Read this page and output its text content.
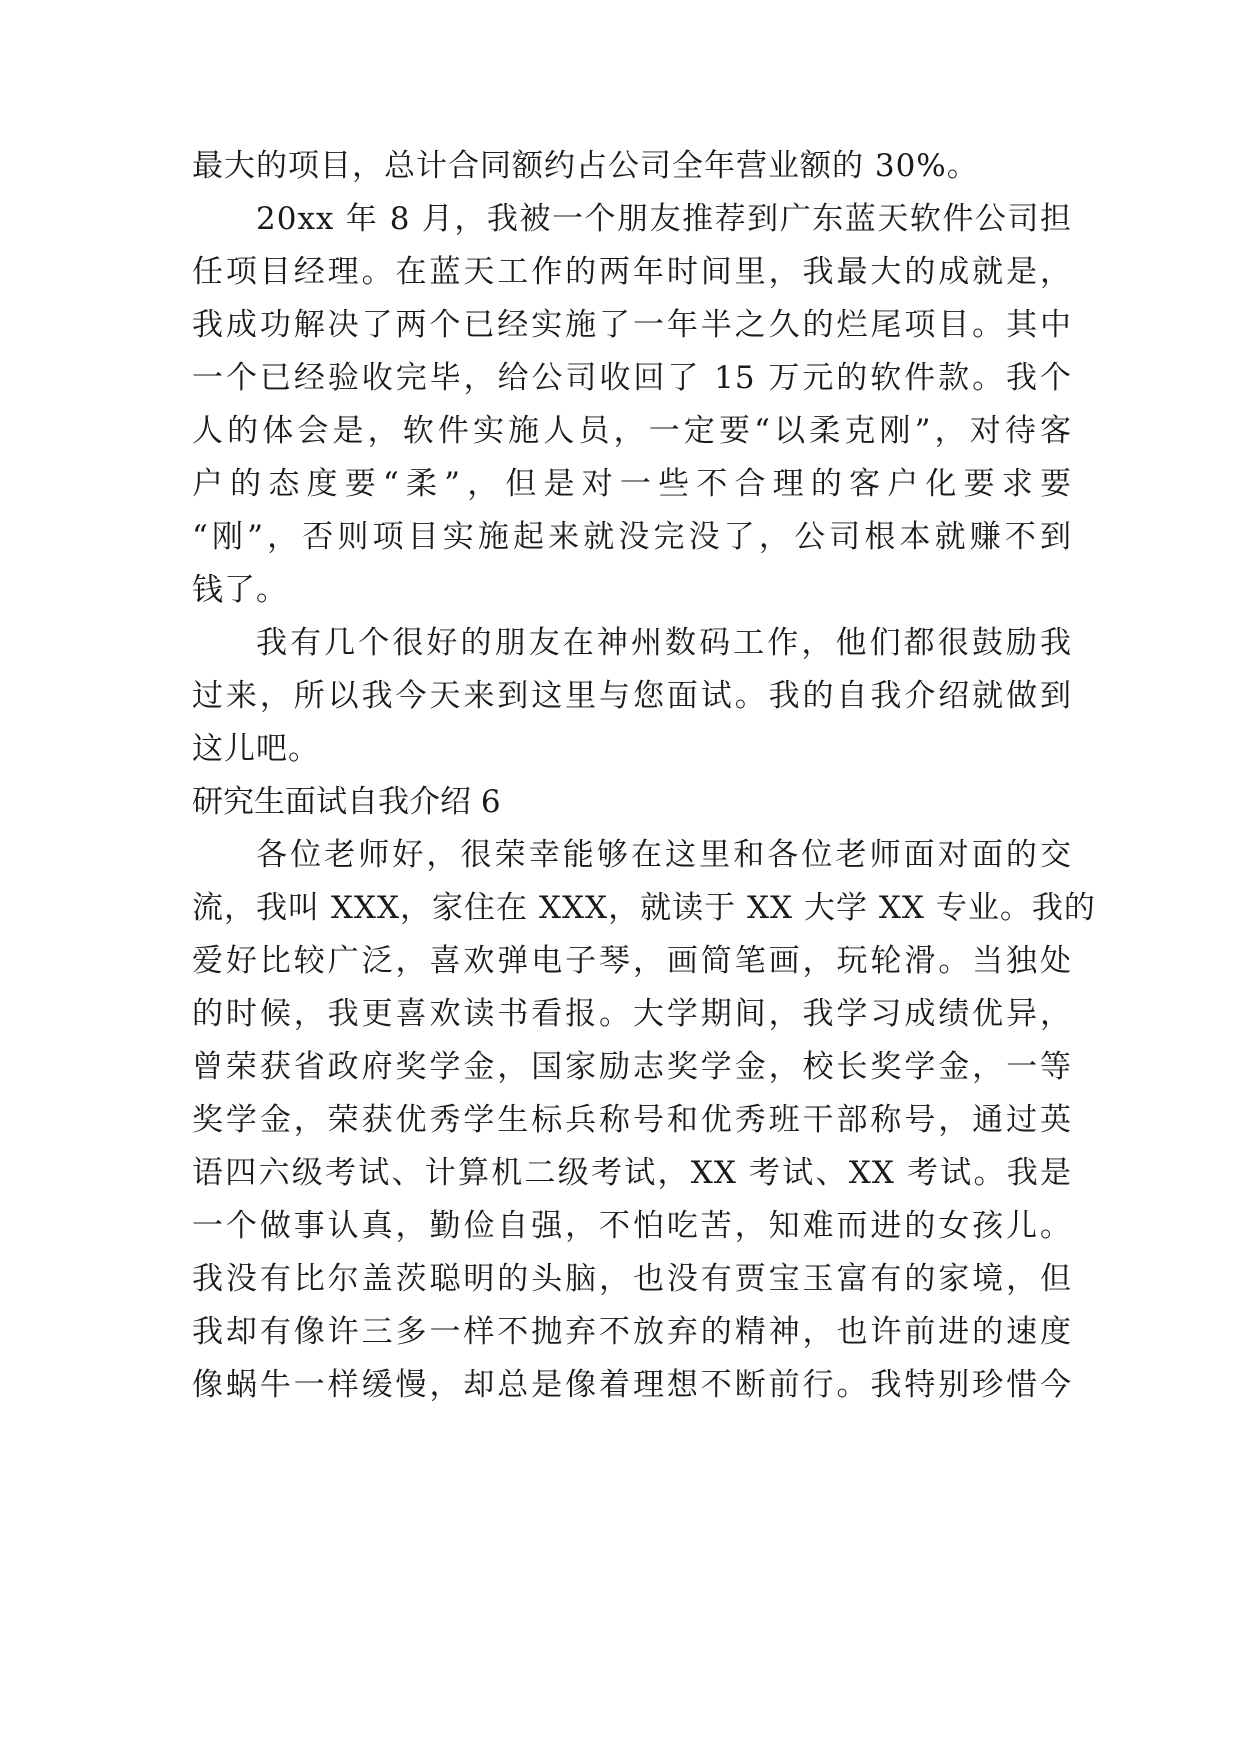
最大的项目，总计合同额约占公司全年营业额的 30%。
20xx 年 8 月，我被一个朋友推荐到广东蓝天软件公司担
任项目经理。在蓝天工作的两年时间里，我最大的成就是，
我成功解决了两个已经实施了一年半之久的烂尾项目。其中
一个已经验收完毕，给公司收回了 15 万元的软件款。我个
人的体会是，软件实施人员，一定要“以柔克刚”，对待客
户的态度要“柔”，但是对一些不合理的客户化要求要
“刚”，否则项目实施起来就没完没了，公司根本就赚不到
钱了。
我有几个很好的朋友在神州数码工作，他们都很鼓励我
过来，所以我今天来到这里与您面试。我的自我介绍就做到
这儿吧。
研究生面试自我介绍 6
各位老师好，很荣幸能够在这里和各位老师面对面的交
流，我叫 XXX，家住在 XXX，就读于 XX 大学 XX 专业。我的
爱好比较广泛，喜欢弹电子琴，画简笔画，玩轮滑。当独处
的时候，我更喜欢读书看报。大学期间，我学习成绩优异，
曾荣获省政府奖学金，国家励志奖学金，校长奖学金，一等
奖学金，荣获优秀学生标兵称号和优秀班干部称号，通过英
语四六级考试、计算机二级考试，XX 考试、XX 考试。我是
一个做事认真，勤俭自强，不怕吃苦，知难而进的女孩儿。
我没有比尔盖茨聪明的头脑，也没有贾宝玉富有的家境，但
我却有像许三多一样不抛弃不放弃的精神，也许前进的速度
像蜗牛一样缓慢，却总是像着理想不断前行。我特别珍惜今
